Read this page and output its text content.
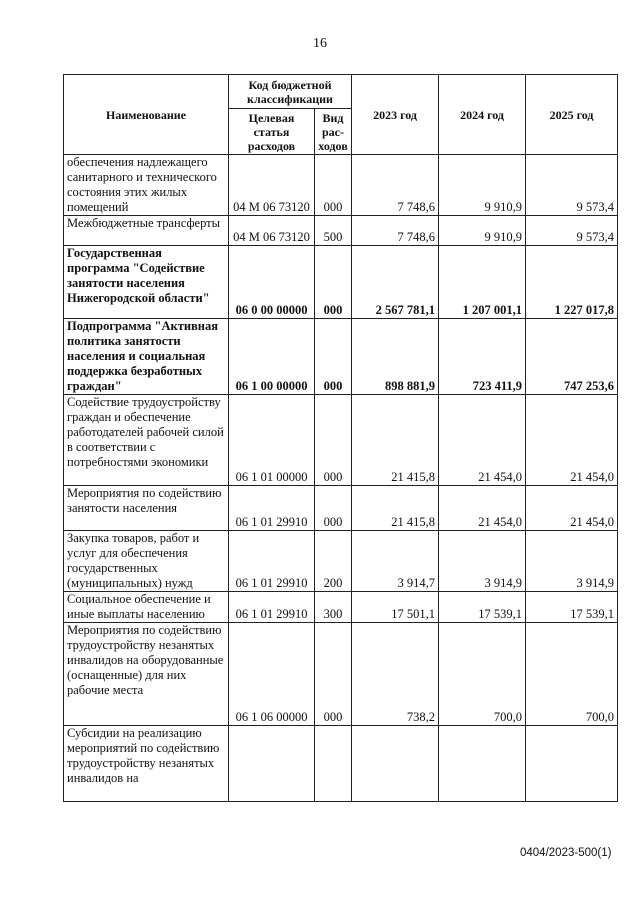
16
Наименование	Код бюджетной классификации		2023 год	2024 год	2025 год
	Целевая статья расходов	Вид рас-ходов			
обеспечения надлежащего санитарного и технического состояния этих жилых помещений	04 М 06 73120	000	7 748,6	9 910,9	9 573,4
Межбюджетные трансферты	04 М 06 73120	500	7 748,6	9 910,9	9 573,4
Государственная программа "Содействие занятости населения Нижегородской области"	06 0 00 00000	000	2 567 781,1	1 207 001,1	1 227 017,8
Подпрограмма "Активная политика занятости населения и социальная поддержка безработных граждан"	06 1 00 00000	000	898 881,9	723 411,9	747 253,6
Содействие трудоустройству граждан и обеспечение работодателей рабочей силой в соответствии с потребностями экономики	06 1 01 00000	000	21 415,8	21 454,0	21 454,0
Мероприятия по содействию занятости населения	06 1 01 29910	000	21 415,8	21 454,0	21 454,0
Закупка товаров, работ и услуг для обеспечения государственных (муниципальных) нужд	06 1 01 29910	200	3 914,7	3 914,9	3 914,9
Социальное обеспечение и иные выплаты населению	06 1 01 29910	300	17 501,1	17 539,1	17 539,1
Мероприятия по содействию трудоустройству незанятых инвалидов на оборудованные (оснащенные) для них рабочие места	06 1 06 00000	000	738,2	700,0	700,0
Субсидии на реализацию мероприятий по содействию трудоустройству незанятых инвалидов на					
0404/2023-500(1)
